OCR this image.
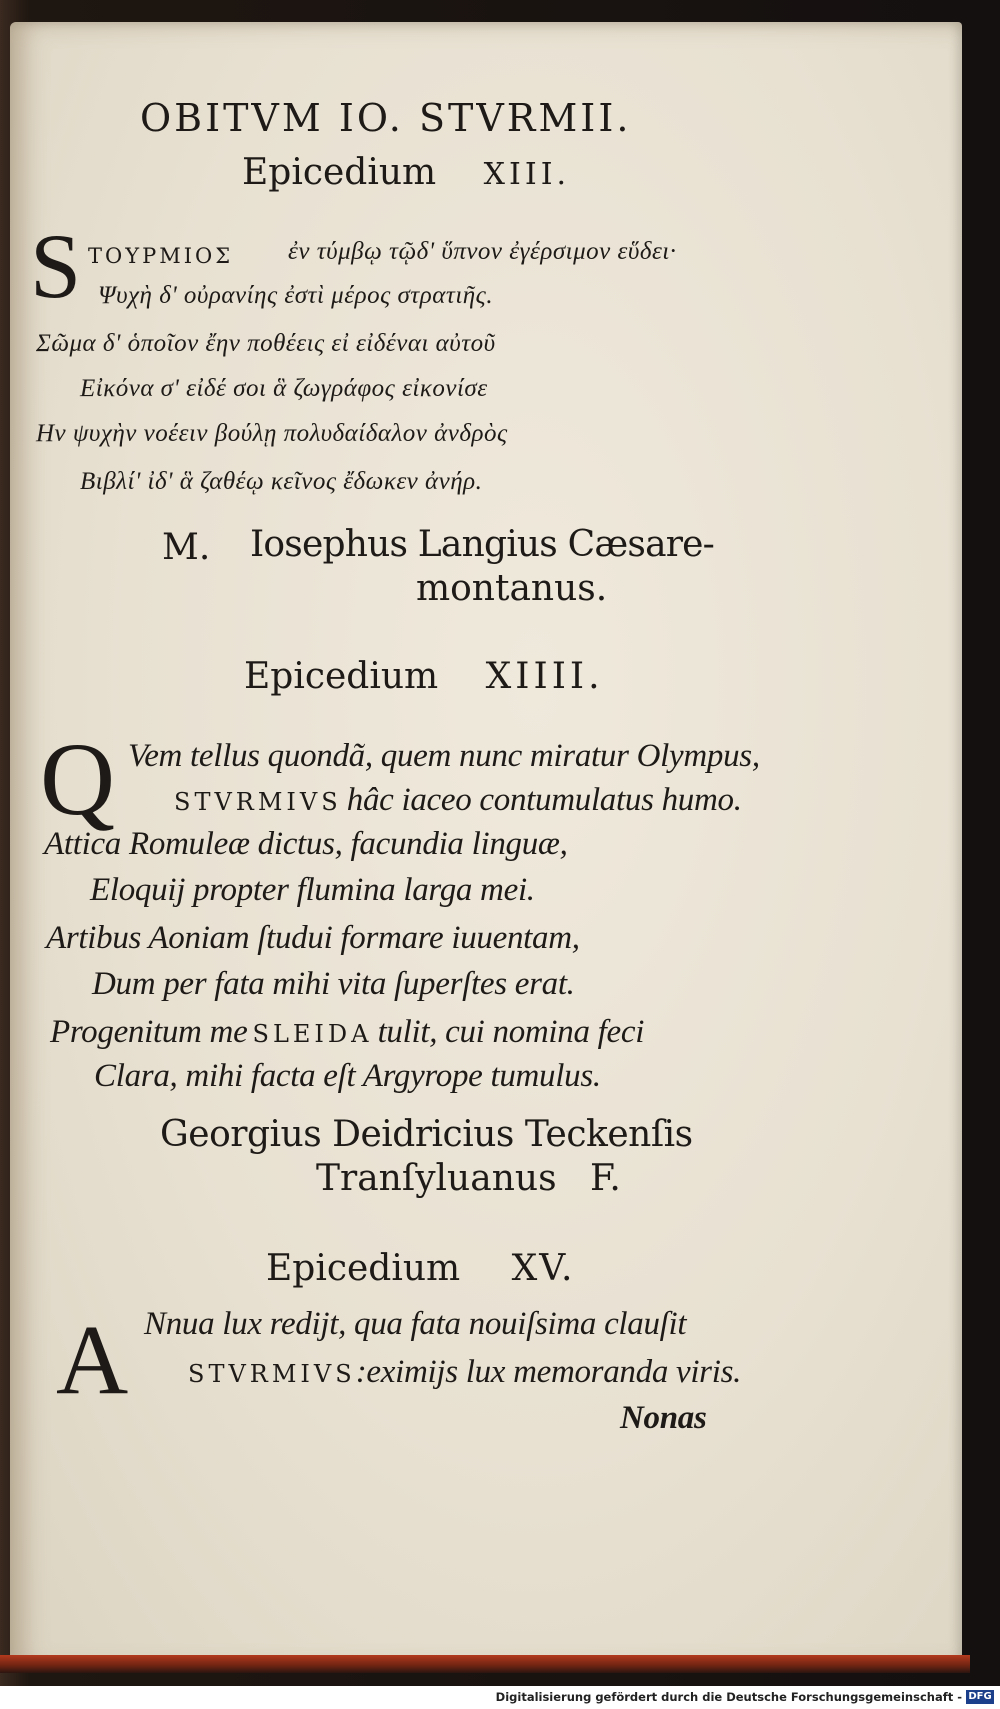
OBITVM IO. STVRMII.
Epicedium XIII.
S ΤΟΥΡΜΙΟΣ ἐν τύμβῳ τῷδ' ὕπνον ἐγέρσιμον εὕδει·
Ψυχὴ δ' οὐρανίης ἐστὶ μέρος στρατιῆς.
Σῶμα δ' ὁποῖον ἔην ποθέεις εἰ εἰδέναι αὐτοῦ
Εἰκόνα σ' εἰδέ σοι ἃ ζωγράφος εἰκονίσε
Ην ψυχὴν νοέειν βούλῃ πολυδαίδαλον ἀνδρὸς
Βιβλί' ἰδ' ἃ ζαθέῳ κεῖνος ἔδωκεν ἀνήρ.
M. Iosephus Langius Cæsare-
montanus.
Epicedium XIIII.
Q Vem tellus quondã, quem nunc miratur Olympus,
STVRMIVS hâc iaceo contumulatus humo.
Attica Romuleæ dictus, facundia linguæ,
Eloquij propter flumina larga mei.
Artibus Aoniam ſtudui formare iuuentam,
Dum per fata mihi vita ſuperſtes erat.
Progenitum me SLEIDA tulit, cui nomina feci
Clara, mihi facta eſt Argyrope tumulus.
Georgius Deidricius Teckenſis
Tranſyluanus F.
Epicedium XV.
A Nnua lux redijt, qua fata nouiſsima clauſit
STVRMIVS:eximijs lux memoranda viris.
Nonas
Digitalisierung gefördert durch die Deutsche Forschungsgemeinschaft - DFG
